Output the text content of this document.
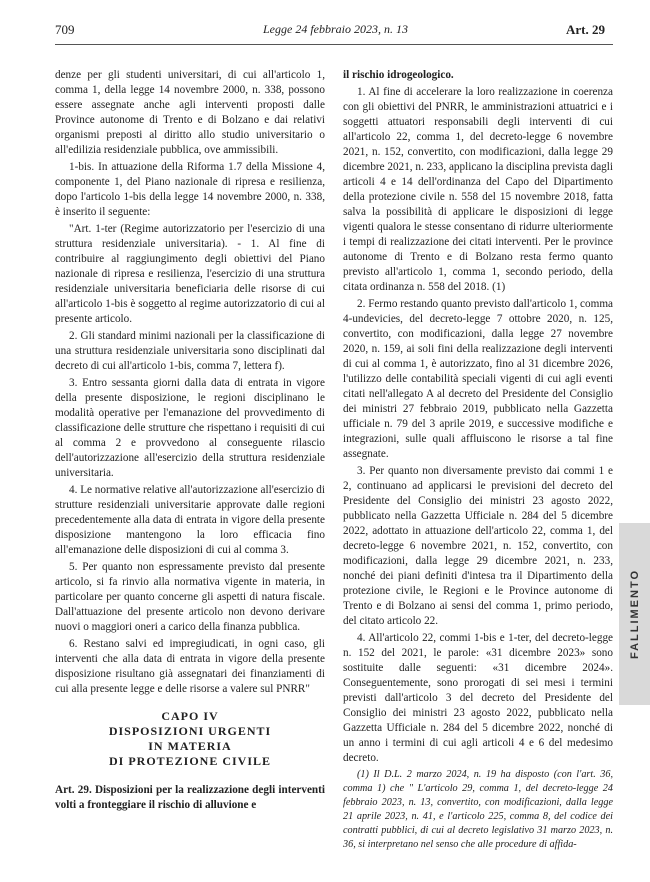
709	Legge 24 febbraio 2023, n. 13	Art. 29

denze per gli studenti universitari, di cui all'articolo 1, comma 1, della legge 14 novembre 2000, n. 338, possono essere assegnate anche agli interventi proposti dalle Province autonome di Trento e di Bolzano e dai relativi organismi preposti al diritto allo studio universitario o all'edilizia residenziale pubblica, ove ammissibili.

1-bis. In attuazione della Riforma 1.7 della Missione 4, componente 1, del Piano nazionale di ripresa e resilienza, dopo l'articolo 1-bis della legge 14 novembre 2000, n. 338, è inserito il seguente:

"Art. 1-ter (Regime autorizzatorio per l'esercizio di una struttura residenziale universitaria). - 1. Al fine di contribuire al raggiungimento degli obiettivi del Piano nazionale di ripresa e resilienza, l'esercizio di una struttura residenziale universitaria beneficiaria delle risorse di cui all'articolo 1-bis è soggetto al regime autorizzatorio di cui al presente articolo.

2. Gli standard minimi nazionali per la classificazione di una struttura residenziale universitaria sono disciplinati dal decreto di cui all'articolo 1-bis, comma 7, lettera f).

3. Entro sessanta giorni dalla data di entrata in vigore della presente disposizione, le regioni disciplinano le modalità operative per l'emanazione del provvedimento di classificazione delle strutture che rispettano i requisiti di cui al comma 2 e provvedono al conseguente rilascio dell'autorizzazione all'esercizio della struttura residenziale universitaria.

4. Le normative relative all'autorizzazione all'esercizio di strutture residenziali universitarie approvate dalle regioni precedentemente alla data di entrata in vigore della presente disposizione mantengono la loro efficacia fino all'emanazione delle disposizioni di cui al comma 3.

5. Per quanto non espressamente previsto dal presente articolo, si fa rinvio alla normativa vigente in materia, in particolare per quanto concerne gli aspetti di natura fiscale. Dall'attuazione del presente articolo non devono derivare nuovi o maggiori oneri a carico della finanza pubblica.

6. Restano salvi ed impregiudicati, in ogni caso, gli interventi che alla data di entrata in vigore della presente disposizione risultano già assegnatari dei finanziamenti di cui alla presente legge e delle risorse a valere sul PNRR"

CAPO IV
DISPOSIZIONI URGENTI
IN MATERIA
DI PROTEZIONE CIVILE

Art. 29. Disposizioni per la realizzazione degli interventi volti a fronteggiare il rischio di alluvione e

il rischio idrogeologico.

1. Al fine di accelerare la loro realizzazione in coerenza con gli obiettivi del PNRR, le amministrazioni attuatrici e i soggetti attuatori responsabili degli interventi di cui all'articolo 22, comma 1, del decreto-legge 6 novembre 2021, n. 152, convertito, con modificazioni, dalla legge 29 dicembre 2021, n. 233, applicano la disciplina prevista dagli articoli 4 e 14 dell'ordinanza del Capo del Dipartimento della protezione civile n. 558 del 15 novembre 2018, fatta salva la possibilità di applicare le disposizioni di legge vigenti qualora le stesse consentano di ridurre ulteriormente i tempi di realizzazione dei citati interventi. Per le province autonome di Trento e di Bolzano resta fermo quanto previsto all'articolo 1, comma 1, secondo periodo, della citata ordinanza n. 558 del 2018. (1)

2. Fermo restando quanto previsto dall'articolo 1, comma 4-undevicies, del decreto-legge 7 ottobre 2020, n. 125, convertito, con modificazioni, dalla legge 27 novembre 2020, n. 159, ai soli fini della realizzazione degli interventi di cui al comma 1, è autorizzato, fino al 31 dicembre 2026, l'utilizzo delle contabilità speciali vigenti di cui agli eventi citati nell'allegato A al decreto del Presidente del Consiglio dei ministri 27 febbraio 2019, pubblicato nella Gazzetta ufficiale n. 79 del 3 aprile 2019, e successive modifiche e integrazioni, sulle quali affluiscono le risorse a tal fine assegnate.

3. Per quanto non diversamente previsto dai commi 1 e 2, continuano ad applicarsi le previsioni del decreto del Presidente del Consiglio dei ministri 23 agosto 2022, pubblicato nella Gazzetta Ufficiale n. 284 del 5 dicembre 2022, adottato in attuazione dell'articolo 22, comma 1, del decreto-legge 6 novembre 2021, n. 152, convertito, con modificazioni, dalla legge 29 dicembre 2021, n. 233, nonché dei piani definiti d'intesa tra il Dipartimento della protezione civile, le Regioni e le Province autonome di Trento e di Bolzano ai sensi del comma 1, primo periodo, del citato articolo 22.

4. All'articolo 22, commi 1-bis e 1-ter, del decreto-legge n. 152 del 2021, le parole: «31 dicembre 2023» sono sostituite dalle seguenti: «31 dicembre 2024». Conseguentemente, sono prorogati di sei mesi i termini previsti dall'articolo 3 del decreto del Presidente del Consiglio dei ministri 23 agosto 2022, pubblicato nella Gazzetta Ufficiale n. 284 del 5 dicembre 2022, nonché di un anno i termini di cui agli articoli 4 e 6 del medesimo decreto.

(1) Il D.L. 2 marzo 2024, n. 19 ha disposto (con l'art. 36, comma 1) che " L'articolo 29, comma 1, del decreto-legge 24 febbraio 2023, n. 13, convertito, con modificazioni, dalla legge 21 aprile 2023, n. 41, e l'articolo 225, comma 8, del codice dei contratti pubblici, di cui al decreto legislativo 31 marzo 2023, n. 36, si interpretano nel senso che alle procedure di affida-

FALLIMENTO
